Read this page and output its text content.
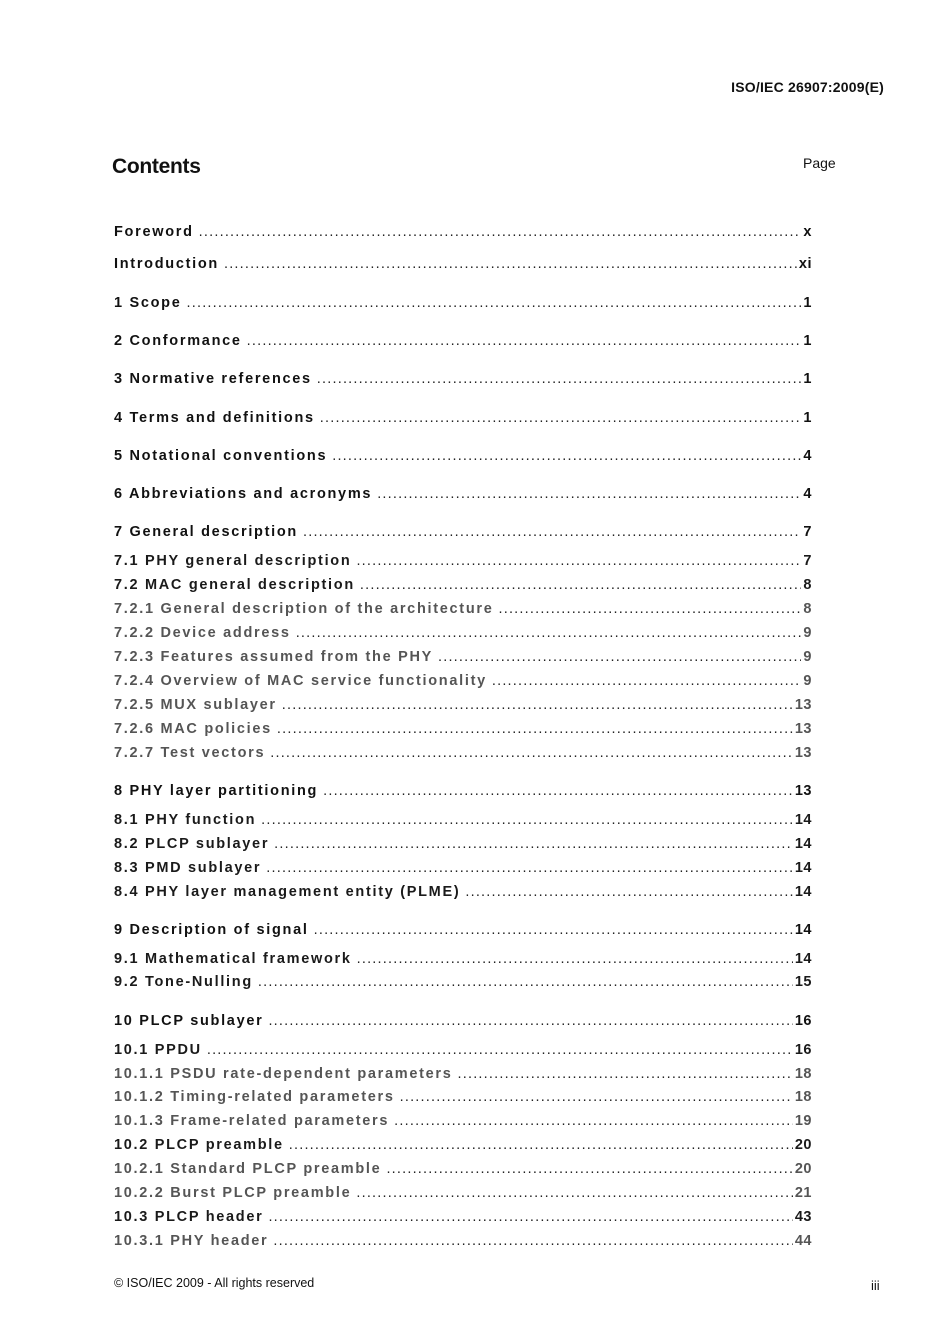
ISO/IEC 26907:2009(E)
Contents	Page
Foreword .....	x
Introduction .....	xi
1 Scope .....	1
2 Conformance .....	1
3 Normative references .....	1
4 Terms and definitions .....	1
5 Notational conventions .....	4
6 Abbreviations and acronyms .....	4
7 General description .....	7
7.1 PHY general description .....	7
7.2 MAC general description .....	8
7.2.1 General description of the architecture .....	8
7.2.2 Device address .....	9
7.2.3 Features assumed from the PHY .....	9
7.2.4 Overview of MAC service functionality .....	9
7.2.5 MUX sublayer .....	13
7.2.6 MAC policies .....	13
7.2.7 Test vectors .....	13
8 PHY layer partitioning .....	13
8.1 PHY function .....	14
8.2 PLCP sublayer .....	14
8.3 PMD sublayer .....	14
8.4 PHY layer management entity (PLME) .....	14
9 Description of signal .....	14
9.1 Mathematical framework .....	14
9.2 Tone-Nulling .....	15
10 PLCP sublayer .....	16
10.1 PPDU .....	16
10.1.1 PSDU rate-dependent parameters .....	18
10.1.2 Timing-related parameters .....	18
10.1.3 Frame-related parameters .....	19
10.2 PLCP preamble .....	20
10.2.1 Standard PLCP preamble .....	20
10.2.2 Burst PLCP preamble .....	21
10.3 PLCP header .....	43
10.3.1 PHY header .....	44
© ISO/IEC 2009 - All rights reserved	iii
